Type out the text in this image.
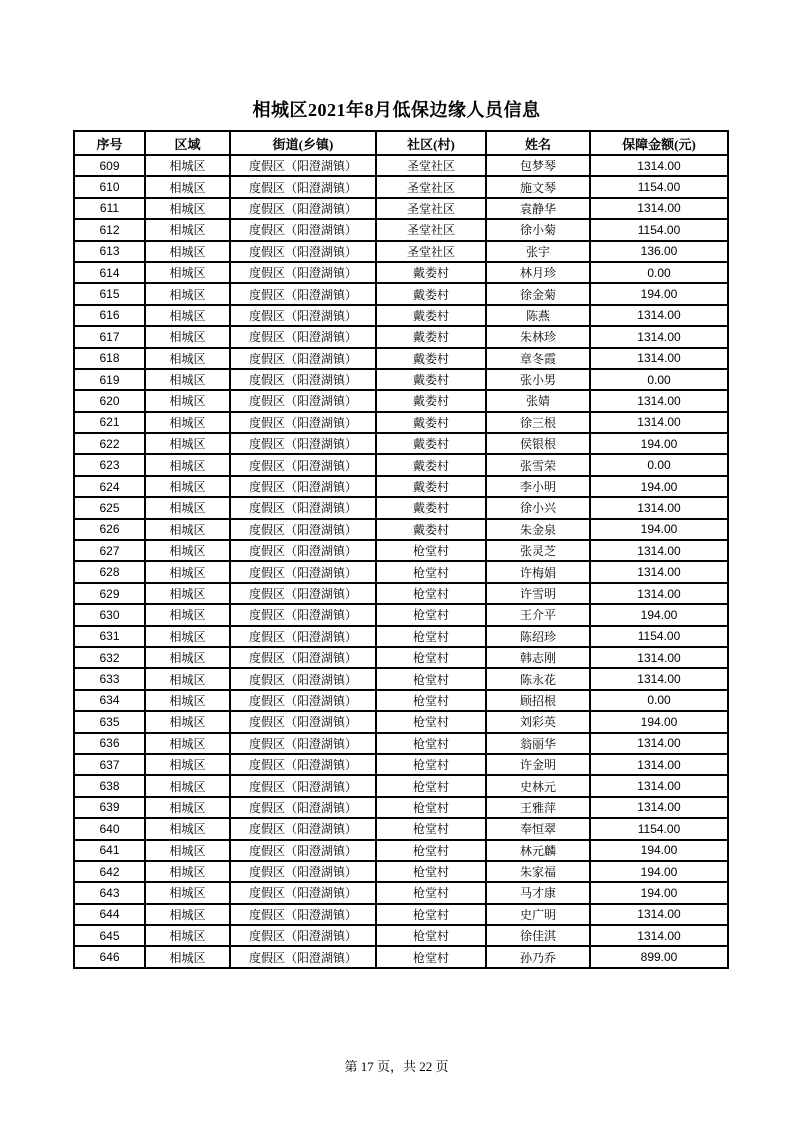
相城区2021年8月低保边缘人员信息
序号	区域	街道(乡镇)	社区(村)	姓名	保障金额(元)
609	相城区	度假区（阳澄湖镇）	圣堂社区	包梦琴	1314.00
610	相城区	度假区（阳澄湖镇）	圣堂社区	施文琴	1154.00
611	相城区	度假区（阳澄湖镇）	圣堂社区	袁静华	1314.00
612	相城区	度假区（阳澄湖镇）	圣堂社区	徐小菊	1154.00
613	相城区	度假区（阳澄湖镇）	圣堂社区	张宇	136.00
614	相城区	度假区（阳澄湖镇）	戴娄村	林月珍	0.00
615	相城区	度假区（阳澄湖镇）	戴娄村	徐金菊	194.00
616	相城区	度假区（阳澄湖镇）	戴娄村	陈燕	1314.00
617	相城区	度假区（阳澄湖镇）	戴娄村	朱林珍	1314.00
618	相城区	度假区（阳澄湖镇）	戴娄村	章冬霞	1314.00
619	相城区	度假区（阳澄湖镇）	戴娄村	张小男	0.00
620	相城区	度假区（阳澄湖镇）	戴娄村	张婧	1314.00
621	相城区	度假区（阳澄湖镇）	戴娄村	徐三根	1314.00
622	相城区	度假区（阳澄湖镇）	戴娄村	侯银根	194.00
623	相城区	度假区（阳澄湖镇）	戴娄村	张雪荣	0.00
624	相城区	度假区（阳澄湖镇）	戴娄村	李小明	194.00
625	相城区	度假区（阳澄湖镇）	戴娄村	徐小兴	1314.00
626	相城区	度假区（阳澄湖镇）	戴娄村	朱金泉	194.00
627	相城区	度假区（阳澄湖镇）	枪堂村	张灵芝	1314.00
628	相城区	度假区（阳澄湖镇）	枪堂村	许梅娟	1314.00
629	相城区	度假区（阳澄湖镇）	枪堂村	许雪明	1314.00
630	相城区	度假区（阳澄湖镇）	枪堂村	王介平	194.00
631	相城区	度假区（阳澄湖镇）	枪堂村	陈绍珍	1154.00
632	相城区	度假区（阳澄湖镇）	枪堂村	韩志刚	1314.00
633	相城区	度假区（阳澄湖镇）	枪堂村	陈永花	1314.00
634	相城区	度假区（阳澄湖镇）	枪堂村	顾招根	0.00
635	相城区	度假区（阳澄湖镇）	枪堂村	刘彩英	194.00
636	相城区	度假区（阳澄湖镇）	枪堂村	翁丽华	1314.00
637	相城区	度假区（阳澄湖镇）	枪堂村	许金明	1314.00
638	相城区	度假区（阳澄湖镇）	枪堂村	史林元	1314.00
639	相城区	度假区（阳澄湖镇）	枪堂村	王雅萍	1314.00
640	相城区	度假区（阳澄湖镇）	枪堂村	奉恒翠	1154.00
641	相城区	度假区（阳澄湖镇）	枪堂村	林元麟	194.00
642	相城区	度假区（阳澄湖镇）	枪堂村	朱家福	194.00
643	相城区	度假区（阳澄湖镇）	枪堂村	马才康	194.00
644	相城区	度假区（阳澄湖镇）	枪堂村	史广明	1314.00
645	相城区	度假区（阳澄湖镇）	枪堂村	徐佳淇	1314.00
646	相城区	度假区（阳澄湖镇）	枪堂村	孙乃乔	899.00
第 17 页，共 22 页
